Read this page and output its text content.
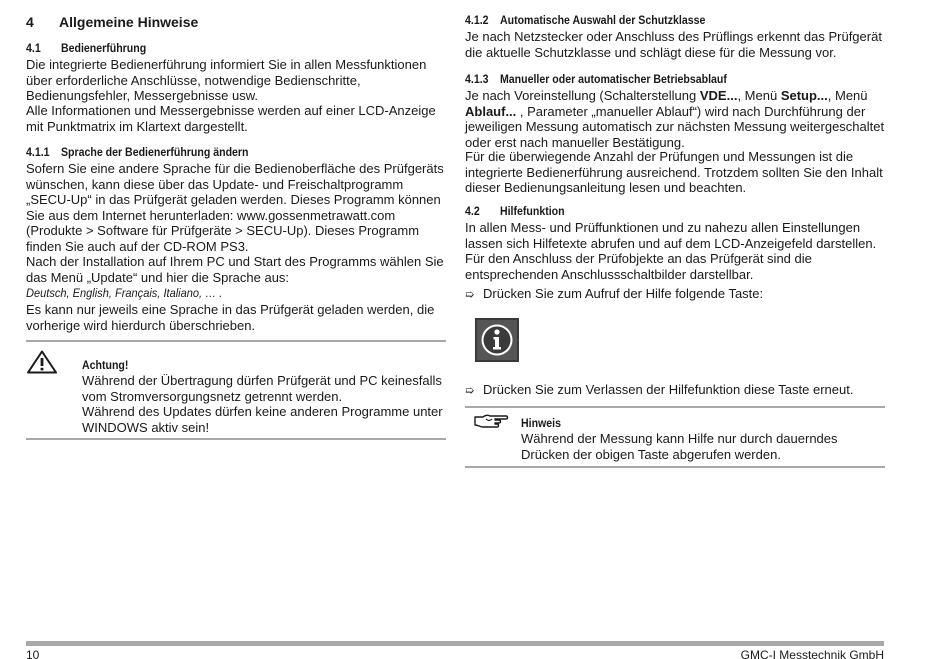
4 Allgemeine Hinweise
4.1 Bedienerführung
Die integrierte Bedienerführung informiert Sie in allen Messfunktionen über erforderliche Anschlüsse, notwendige Bedienschritte, Bedienungsfehler, Messergebnisse usw.
Alle Informationen und Messergebnisse werden auf einer LCD-Anzeige mit Punktmatrix im Klartext dargestellt.
4.1.1 Sprache der Bedienerführung ändern
Sofern Sie eine andere Sprache für die Bedienoberfläche des Prüfgeräts wünschen, kann diese über das Update- und Freischaltprogramm „SECU-Up“ in das Prüfgerät geladen werden. Dieses Programm können Sie aus dem Internet herunterladen: www.gossenmetrawatt.com (Produkte > Software für Prüfgeräte > SECU-Up). Dieses Programm finden Sie auch auf der CD-ROM PS3.
Nach der Installation auf Ihrem PC und Start des Programms wählen Sie das Menü „Update“ und hier die Sprache aus:
Deutsch, English, Français, Italiano, … .
Es kann nur jeweils eine Sprache in das Prüfgerät geladen werden, die vorherige wird hierdurch überschrieben.
Achtung!
Während der Übertragung dürfen Prüfgerät und PC keinesfalls vom Stromversorgungsnetz getrennt werden.
Während des Updates dürfen keine anderen Programme unter WINDOWS aktiv sein!
4.1.2 Automatische Auswahl der Schutzklasse
Je nach Netzstecker oder Anschluss des Prüflings erkennt das Prüfgerät die aktuelle Schutzklasse und schlägt diese für die Messung vor.
4.1.3 Manueller oder automatischer Betriebsablauf
Je nach Voreinstellung (Schalterstellung VDE..., Menü Setup..., Menü Ablauf... , Parameter „manueller Ablauf“) wird nach Durchführung der jeweiligen Messung automatisch zur nächsten Messung weitergeschaltet oder erst nach manueller Bestätigung.
Für die überwiegende Anzahl der Prüfungen und Messungen ist die integrierte Bedienerführung ausreichend. Trotzdem sollten Sie den Inhalt dieser Bedienungsanleitung lesen und beachten.
4.2 Hilfefunktion
In allen Mess- und Prüffunktionen und zu nahezu allen Einstellungen lassen sich Hilfetexte abrufen und auf dem LCD-Anzeigefeld darstellen. Für den Anschluss der Prüfobjekte an das Prüfgerät sind die entsprechenden Anschlussschaltbilder darstellbar.
➯ Drücken Sie zum Aufruf der Hilfe folgende Taste:
➯ Drücken Sie zum Verlassen der Hilfefunktion diese Taste erneut.
Hinweis
Während der Messung kann Hilfe nur durch dauerndes Drücken der obigen Taste abgerufen werden.
10	GMC-I Messtechnik GmbH
